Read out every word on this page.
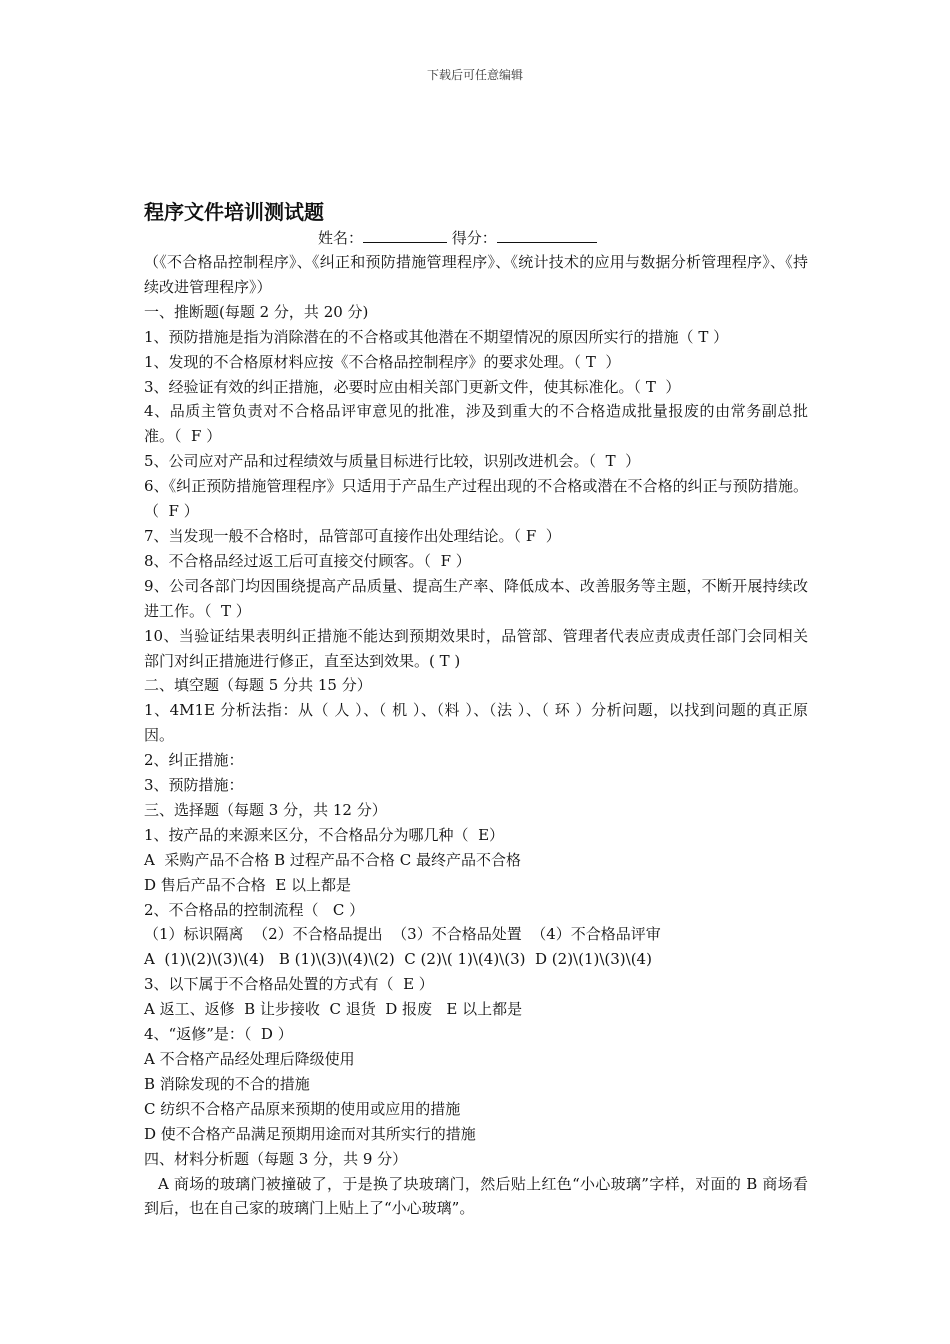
下载后可任意编辑
程序文件培训测试题
姓名：	得分：

（《不合格品控制程序》、《纠正和预防措施管理程序》、《统计技术的应用与数据分析管理程序》、《持续改进管理程序》）

一、推断题(每题 2 分，共 20 分)

1、预防措施是指为消除潜在的不合格或其他潜在不期望情况的原因所实行的措施（ T ）

1、发现的不合格原材料应按《不合格品控制程序》的要求处理。（ T  ）

3、经验证有效的纠正措施，必要时应由相关部门更新文件，使其标准化。（ T  ）

4、品质主管负责对不合格品评审意见的批准，涉及到重大的不合格造成批量报废的由常务副总批准。（  F ）

5、公司应对产品和过程绩效与质量目标进行比较，识别改进机会。（  T  ）

6、《纠正预防措施管理程序》只适用于产品生产过程出现的不合格或潜在不合格的纠正与预防措施。（  F ）

7、当发现一般不合格时，品管部可直接作出处理结论。（ F  ）

8、不合格品经过返工后可直接交付顾客。（  F ）

9、公司各部门均因围绕提高产品质量、提高生产率、降低成本、改善服务等主题，不断开展持续改进工作。（  T ）

10、当验证结果表明纠正措施不能达到预期效果时，品管部、管理者代表应责成责任部门会同相关部门对纠正措施进行修正，直至达到效果。( T )

二、填空题（每题 5 分共 15 分）

1、4M1E 分析法指：从（ 人 ）、（ 机 ）、（料 ）、（法 ）、（ 环 ）分析问题，以找到问题的真正原因。

2、纠正措施：

3、预防措施：

三、选择题（每题 3 分，共 12 分）

1、按产品的来源来区分，不合格品分为哪几种（  E）

A  采购产品不合格 B 过程产品不合格 C 最终产品不合格

D 售后产品不合格  E 以上都是

2、不合格品的控制流程（   C ）

（1）标识隔离  （2）不合格品提出  （3）不合格品处置  （4）不合格品评审

A  (1)\(2)\(3)\(4)   B (1)\(3)\(4)\(2)  C (2)\( 1)\(4)\(3)  D (2)\(1)\(3)\(4)

3、以下属于不合格品处置的方式有（  E ）

A 返工、返修  B 让步接收  C 退货  D 报废   E 以上都是

4、“返修”是：（  D ）

A 不合格产品经处理后降级使用

B 消除发现的不合的措施

C 纺织不合格产品原来预期的使用或应用的措施

D 使不合格产品满足预期用途而对其所实行的措施

四、材料分析题（每题 3 分，共 9 分）

A 商场的玻璃门被撞破了，于是换了块玻璃门，然后贴上红色“小心玻璃”字样，对面的 B 商场看到后，也在自己家的玻璃门上贴上了“小心玻璃”。
